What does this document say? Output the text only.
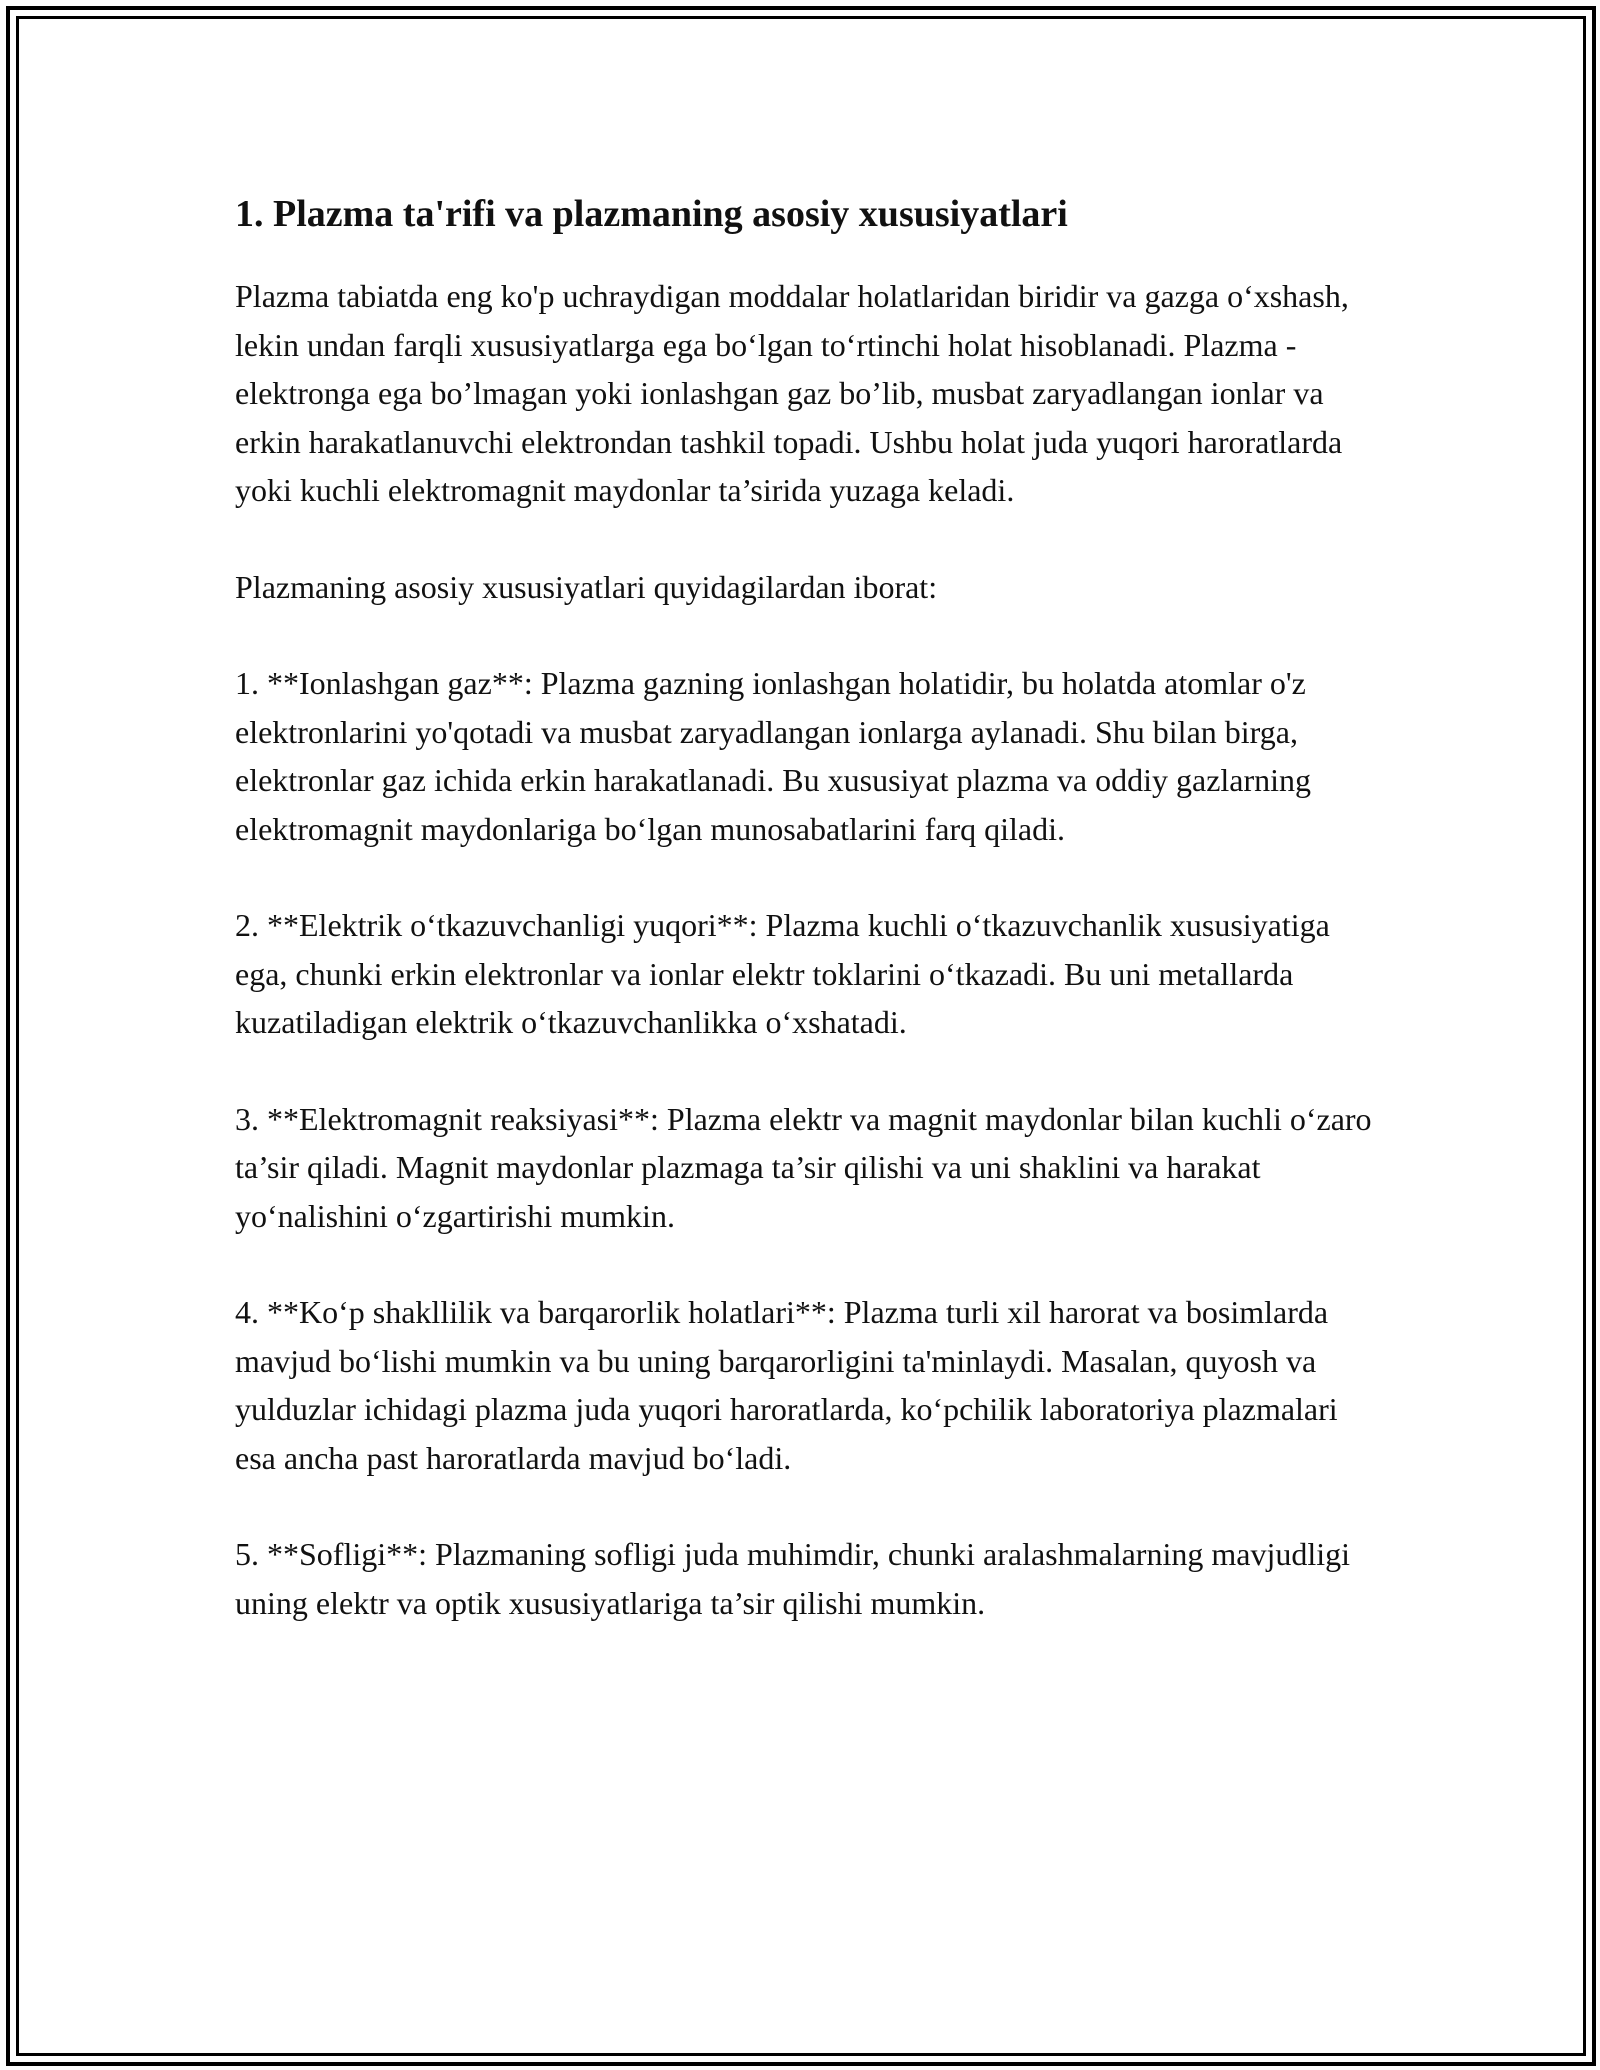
1. Plazma ta'rifi va plazmaning asosiy xususiyatlari

Plazma tabiatda eng ko'p uchraydigan moddalar holatlaridan biridir va gazga o‘xshash, lekin undan farqli xususiyatlarga ega bo‘lgan to‘rtinchi holat hisoblanadi. Plazma - elektronga ega bo’lmagan yoki ionlashgan gaz bo’lib, musbat zaryadlangan ionlar va erkin harakatlanuvchi elektrondan tashkil topadi. Ushbu holat juda yuqori haroratlarda yoki kuchli elektromagnit maydonlar ta’sirida yuzaga keladi.

Plazmaning asosiy xususiyatlari quyidagilardan iborat:

1. **Ionlashgan gaz**: Plazma gazning ionlashgan holatidir, bu holatda atomlar o'z elektronlarini yo'qotadi va musbat zaryadlangan ionlarga aylanadi. Shu bilan birga, elektronlar gaz ichida erkin harakatlanadi. Bu xususiyat plazma va oddiy gazlarning elektromagnit maydonlariga bo‘lgan munosabatlarini farq qiladi.

2. **Elektrik o‘tkazuvchanligi yuqori**: Plazma kuchli o‘tkazuvchanlik xususiyatiga ega, chunki erkin elektronlar va ionlar elektr toklarini o‘tkazadi. Bu uni metallarda kuzatiladigan elektrik o‘tkazuvchanlikka o‘xshatadi.

3. **Elektromagnit reaksiyasi**: Plazma elektr va magnit maydonlar bilan kuchli o‘zaro ta’sir qiladi. Magnit maydonlar plazmaga ta’sir qilishi va uni shaklini va harakat yo‘nalishini o‘zgartirishi mumkin.

4. **Ko‘p shakllilik va barqarorlik holatlari**: Plazma turli xil harorat va bosimlarda mavjud bo‘lishi mumkin va bu uning barqarorligini ta'minlaydi. Masalan, quyosh va yulduzlar ichidagi plazma juda yuqori haroratlarda, ko‘pchilik laboratoriya plazmalari esa ancha past haroratlarda mavjud bo‘ladi.

5. **Sofligi**: Plazmaning sofligi juda muhimdir, chunki aralashmalarning mavjudligi uning elektr va optik xususiyatlariga ta’sir qilishi mumkin.
